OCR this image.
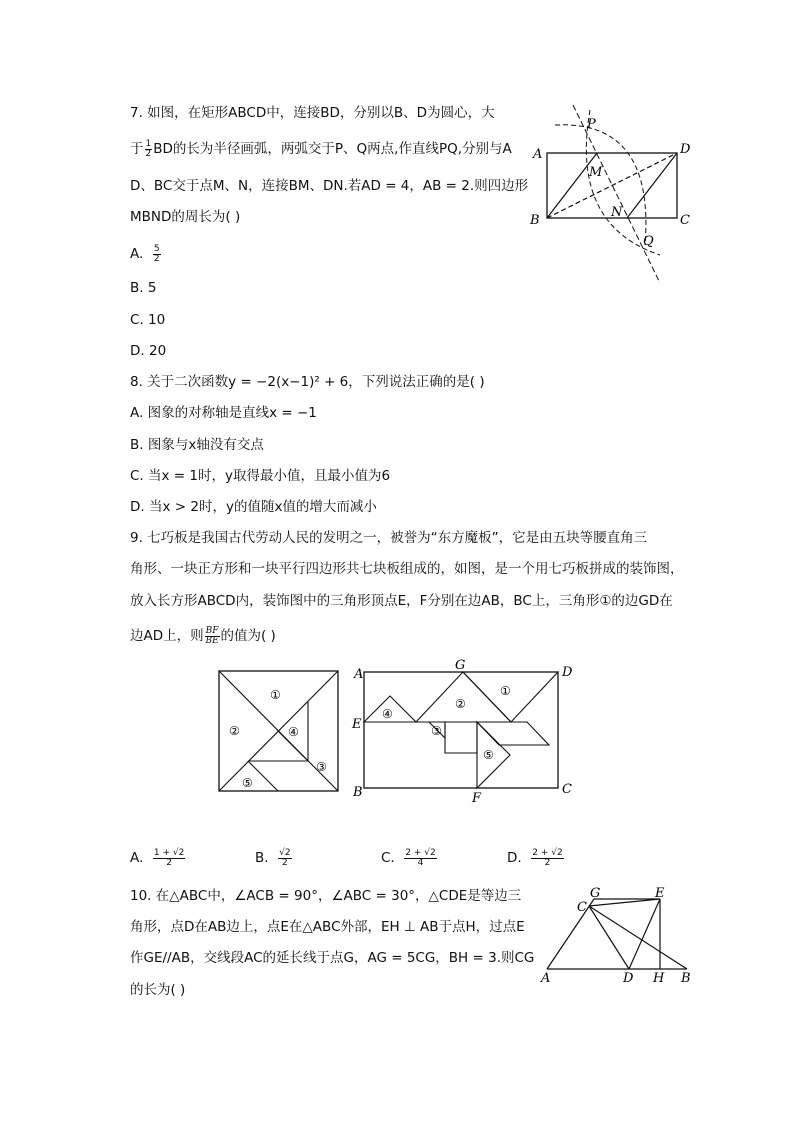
7. 如图，在矩形ABCD中，连接BD，分别以B、D为圆心，大
于 $\frac{1}{2}$ BD的长为半径画弧，两弧交于P、Q两点,作直线PQ,分别与A
D、BC交于点M、N，连接BM、DN.若AD = 4，AB = 2.则四边形
MBND的周长为( )
A. $\frac{5}{2}$
B. 5
C. 10
D. 20
P
A	D
M
N
B	C
Q
8. 关于二次函数y = −2(x−1)² + 6，下列说法正确的是( )
A. 图象的对称轴是直线x = −1
B. 图象与x轴没有交点
C. 当x = 1时，y取得最小值，且最小值为6
D. 当x > 2时，y的值随x值的增大而减小
9. 七巧板是我国古代劳动人民的发明之一，被誉为“东方魔板”，它是由五块等腰直角三
角形、一块正方形和一块平行四边形共七块板组成的，如图，是一个用七巧板拼成的装饰图，
放入长方形ABCD内，装饰图中的三角形顶点E，F分别在边AB，BC上，三角形①的边GD在
边AD上，则 $\frac{BF}{BE}$ 的值为( )
①
②	④
③
⑤
A
G	D
E
B	F
C
④
②
①
③
⑤
A. $\frac{1 + √2}{2}$	B. $\frac{√2}{2}$	C. $\frac{2 + √2}{4}$	D. $\frac{2 + √2}{2}$
10. 在△ABC中，∠ACB = 90°，∠ABC = 30°，△CDE是等边三
角形，点D在AB边上，点E在△ABC外部，EH ⊥ AB于点H，过点E
作GE//AB，交线段AC的延长线于点G，AG = 5CG，BH = 3.则CG
的长为( )
G	E
C
A	D H B
